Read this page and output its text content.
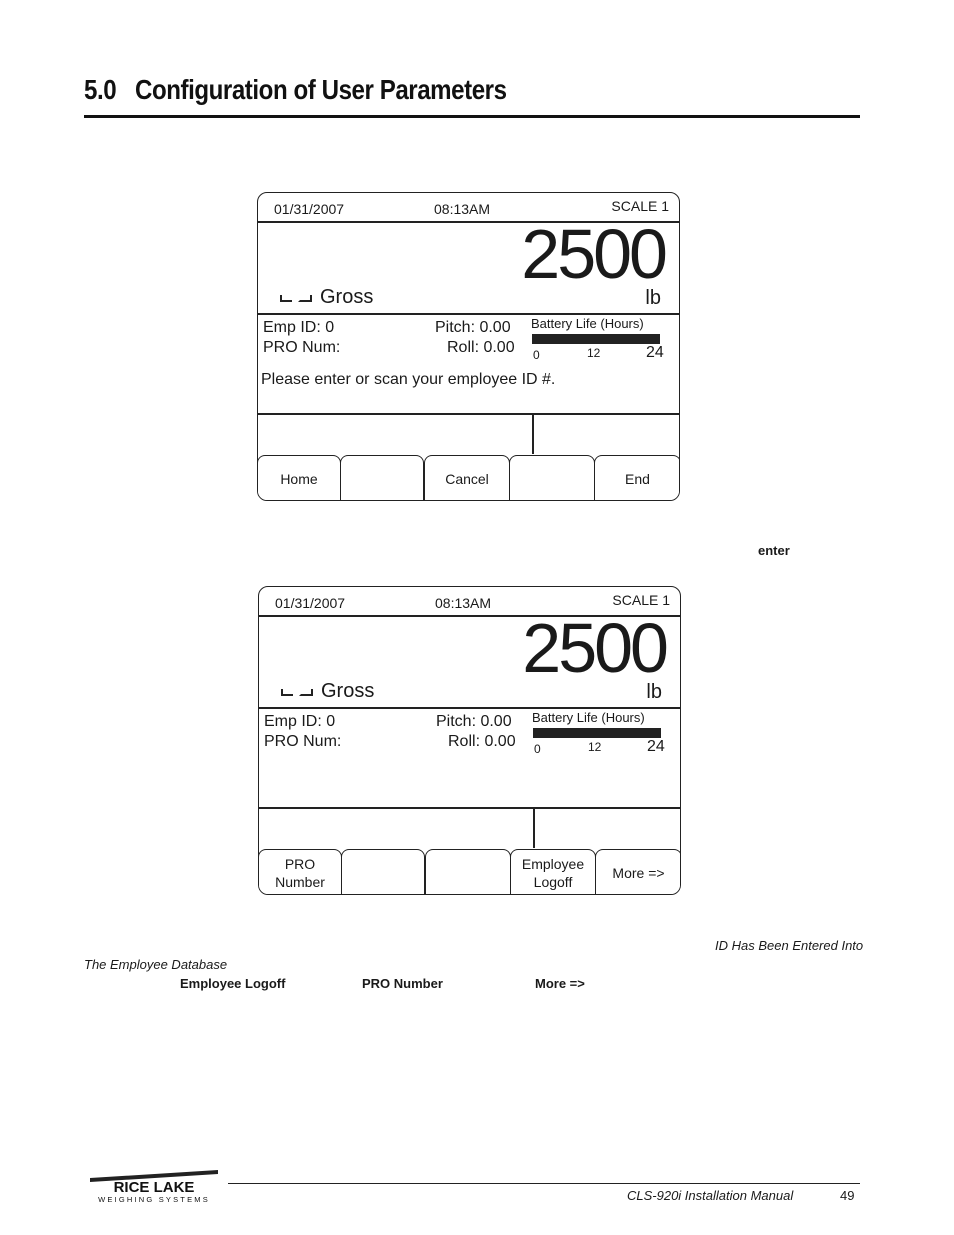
5.0 Configuration of User Parameters
01/31/2007	08:13AM	SCALE 1
2500
Gross	lb
Emp ID: 0
PRO Num:
Pitch: 0.00
Roll: 0.00
Battery Life (Hours)
0	12	24
Please enter or scan your employee ID #.
Home	Cancel	End
enter
01/31/2007	08:13AM	SCALE 1
2500
Gross	lb
Emp ID: 0
PRO Num:
Pitch: 0.00
Roll: 0.00
Battery Life (Hours)
0	12	24
PRO
Number
Employee
Logoff
More =>
ID Has Been Entered Into
The Employee Database
Employee Logoff	PRO Number	More =>
RICE LAKE
WEIGHING SYSTEMS	CLS-920i Installation Manual	49
